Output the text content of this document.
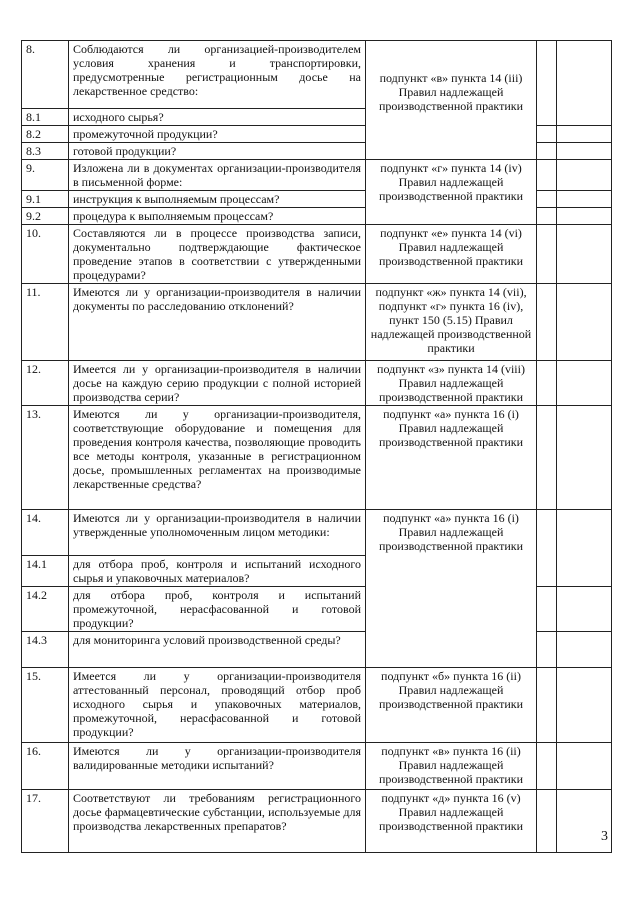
8.	Соблюдаются ли организацией-производителем условия хранения и транспортировки, предусмотренные регистрационным досье на лекарственное средство:	подпункт «в» пункта 14 (iii) Правил надлежащей производственной практики		
8.1	исходного сырья?			
8.2	промежуточной продукции?			
8.3	готовой продукции?			
9.	Изложена ли в документах организации-производителя в письменной форме:	подпункт «г» пункта 14 (iv) Правил надлежащей производственной практики		
9.1	инструкция к выполняемым процессам?			
9.2	процедура к выполняемым процессам?			
10.	Составляются ли в процессе производства записи, документально подтверждающие фактическое проведение этапов в соответствии с утвержденными процедурами?	подпункт «е» пункта 14 (vi) Правил надлежащей производственной практики		
11.	Имеются ли у организации-производителя в наличии документы по расследованию отклонений?	подпункт «ж» пункта 14 (vii), подпункт «г» пункта 16 (iv), пункт 150 (5.15) Правил надлежащей производственной практики		
12.	Имеется ли у организации-производителя в наличии досье на каждую серию продукции с полной историей производства серии?	подпункт «з» пункта 14 (viii) Правил надлежащей производственной практики		
13.	Имеются ли у организации-производителя, соответствующие оборудование и помещения для проведения контроля качества, позволяющие проводить все методы контроля, указанные в регистрационном досье, промышленных регламентах на производимые лекарственные средства?	подпункт «а» пункта 16 (i) Правил надлежащей производственной практики		
14.	Имеются ли у организации-производителя в наличии утвержденные уполномоченным лицом методики:	подпункт «а» пункта 16 (i) Правил надлежащей производственной практики		
14.1	для отбора проб, контроля и испытаний исходного сырья и упаковочных материалов?			
14.2	для отбора проб, контроля и испытаний промежуточной, нерасфасованной и готовой продукции?			
14.3	для мониторинга условий производственной среды?			
15.	Имеется ли у организации-производителя аттестованный персонал, проводящий отбор проб исходного сырья и упаковочных материалов, промежуточной, нерасфасованной и готовой продукции?	подпункт «б» пункта 16 (ii) Правил надлежащей производственной практики		
16.	Имеются ли у организации-производителя валидированные методики испытаний?	подпункт «в» пункта 16 (ii) Правил надлежащей производственной практики		
17.	Соответствуют ли требованиям регистрационного досье фармацевтические субстанции, используемые для производства лекарственных препаратов?	подпункт «д» пункта 16 (v) Правил надлежащей производственной практики		
3
